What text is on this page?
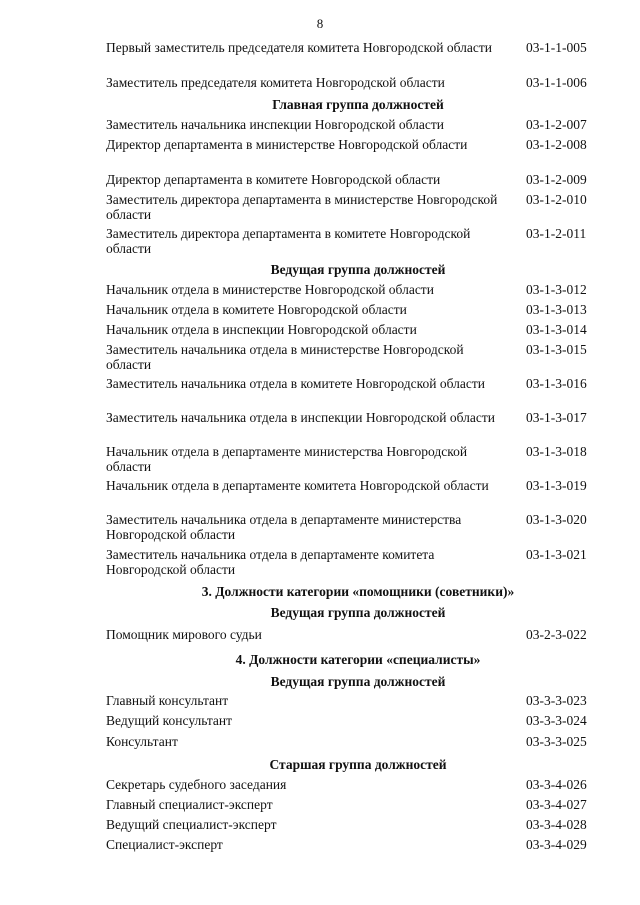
8
Первый заместитель председателя комитета Новгородской области	03-1-1-005
Заместитель председателя комитета Новгородской области	03-1-1-006
Главная группа должностей
Заместитель начальника инспекции Новгородской области	03-1-2-007
Директор департамента в министерстве Новгородской области	03-1-2-008
Директор департамента в комитете Новгородской области	03-1-2-009
Заместитель директора департамента в министерстве Новгородской области
03-1-2-010
Заместитель директора департамента в комитете Новгородской области
03-1-2-011
Ведущая группа должностей
Начальник отдела в министерстве Новгородской области	03-1-3-012
Начальник отдела в комитете Новгородской области	03-1-3-013
Начальник отдела в инспекции Новгородской области	03-1-3-014
Заместитель начальника отдела в министерстве Новгородской области
03-1-3-015
Заместитель начальника отдела в комитете Новгородской области	03-1-3-016
Заместитель начальника отдела в инспекции Новгородской области	03-1-3-017
Начальник отдела в департаменте министерства Новгородской области
03-1-3-018
Начальник отдела в департаменте комитета Новгородской области	03-1-3-019
Заместитель начальника отдела в департаменте министерства Новгородской области
03-1-3-020
Заместитель начальника отдела в департаменте комитета Новгородской области
03-1-3-021
3. Должности категории «помощники (советники)»
Ведущая группа должностей
Помощник мирового судьи	03-2-3-022
4. Должности категории «специалисты»
Ведущая группа должностей
Главный консультант	03-3-3-023
Ведущий консультант	03-3-3-024
Консультант	03-3-3-025
Старшая группа должностей
Секретарь судебного заседания	03-3-4-026
Главный специалист-эксперт	03-3-4-027
Ведущий специалист-эксперт	03-3-4-028
Специалист-эксперт	03-3-4-029
